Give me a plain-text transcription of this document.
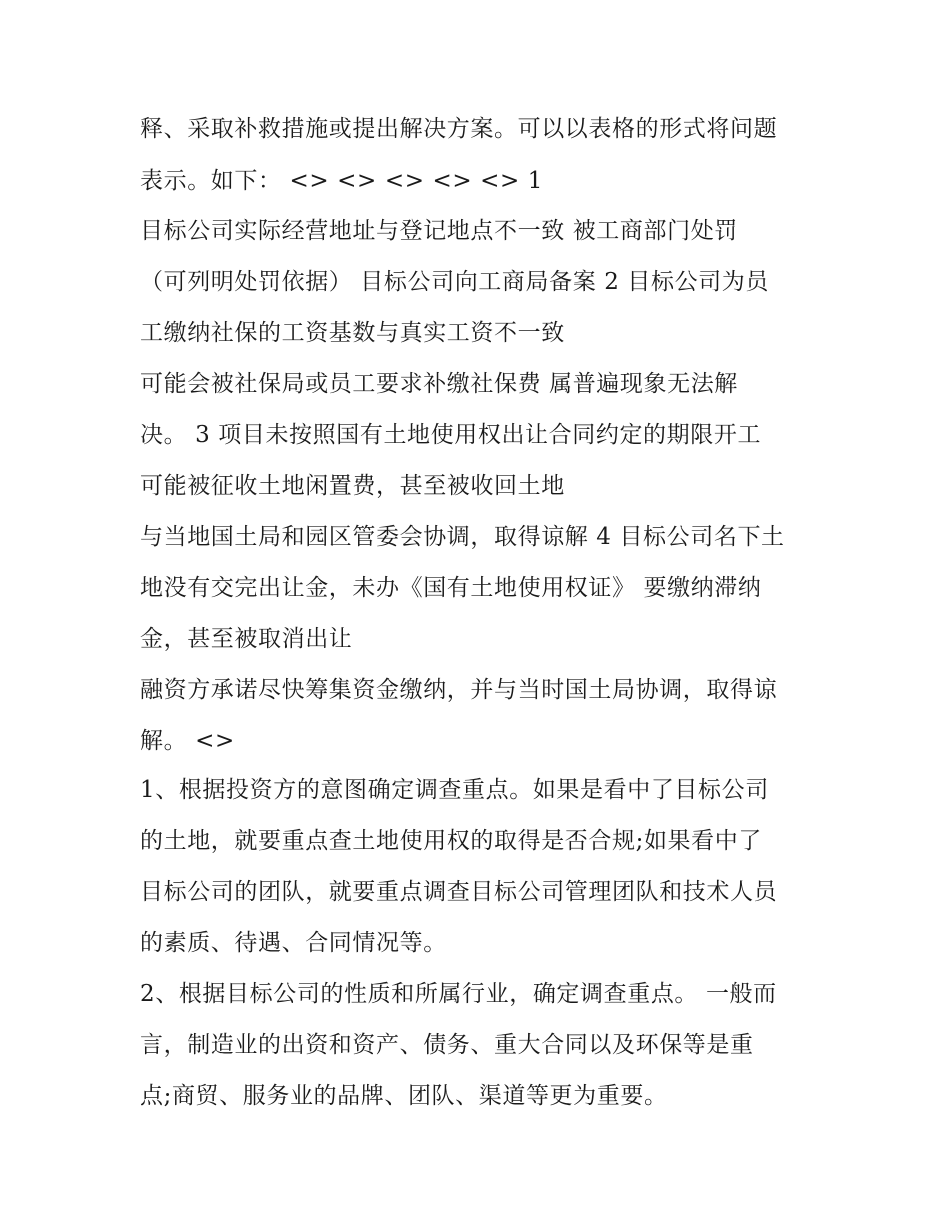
释、采取补救措施或提出解决方案。可以以表格的形式将问题
表示。如下： <> <> <> <> <> 1
目标公司实际经营地址与登记地点不一致 被工商部门处罚
（可列明处罚依据） 目标公司向工商局备案 2 目标公司为员
工缴纳社保的工资基数与真实工资不一致
可能会被社保局或员工要求补缴社保费 属普遍现象无法解
决。 3 项目未按照国有土地使用权出让合同约定的期限开工
可能被征收土地闲置费，甚至被收回土地
与当地国土局和园区管委会协调，取得谅解 4 目标公司名下土
地没有交完出让金，未办《国有土地使用权证》 要缴纳滞纳
金，甚至被取消出让
融资方承诺尽快筹集资金缴纳，并与当时国土局协调，取得谅
解。 <>
1、根据投资方的意图确定调查重点。如果是看中了目标公司
的土地，就要重点查土地使用权的取得是否合规;如果看中了
目标公司的团队，就要重点调查目标公司管理团队和技术人员
的素质、待遇、合同情况等。
2、根据目标公司的性质和所属行业，确定调查重点。 一般而
言，制造业的出资和资产、债务、重大合同以及环保等是重
点;商贸、服务业的品牌、团队、渠道等更为重要。
